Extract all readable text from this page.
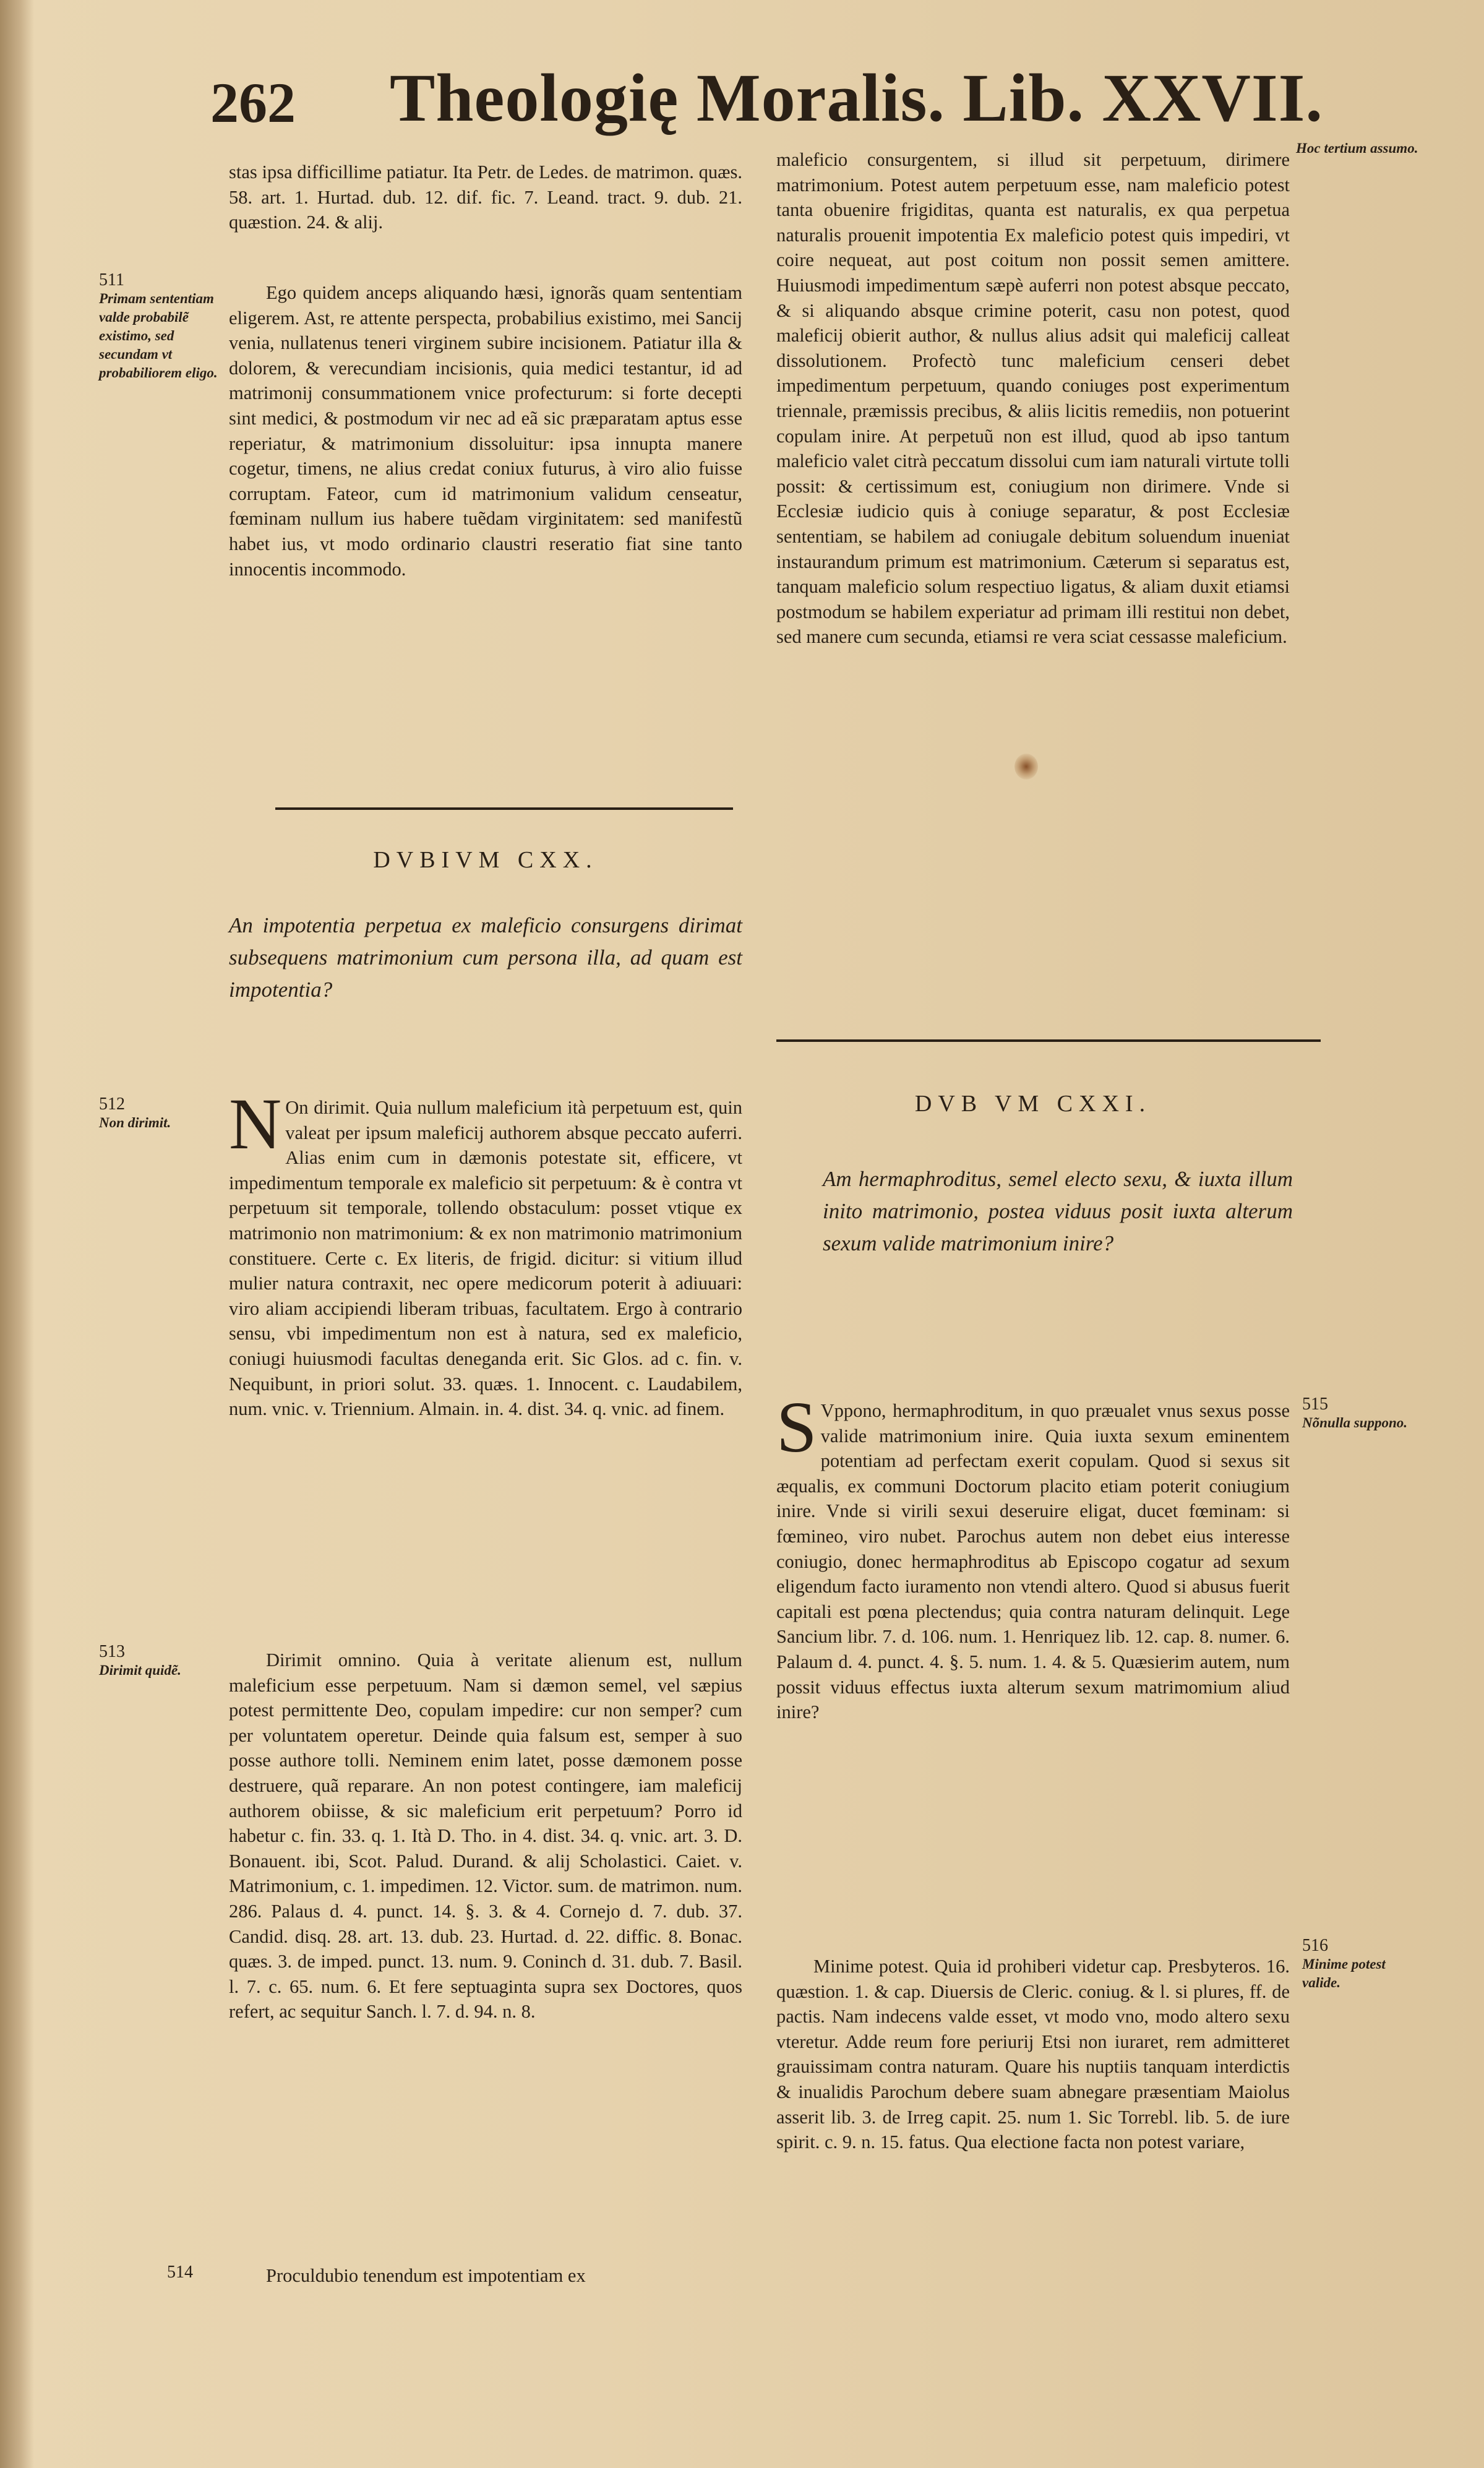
262 Theologię Moralis. Lib. XXVII.

stas ipsa difficillime patiatur. Ita Petr. de Ledes. de matrimon. quæs. 58. art. 1. Hurtad. dub. 12. dif. fic. 7. Leand. tract. 9. dub. 21. quæstion. 24. & alij.

511
Primam sententiam valde probabilẽ existimo, sed secundam vt probabiliorem eligo.

Ego quidem anceps aliquando hæsi, ignorãs quam sententiam eligerem. Ast, re attente perspecta, probabilius existimo, mei Sancij venia, nullatenus teneri virginem subire incisionem. Patiatur illa & dolorem, & verecundiam incisionis, quia medici testantur, id ad matrimonij consummationem vnice profecturum: si forte decepti sint medici, & postmodum vir nec ad eã sic præparatam aptus esse reperiatur, & matrimonium dissoluitur: ipsa innupta manere cogetur, timens, ne alius credat coniux futurus, à viro alio fuisse corruptam. Fateor, cum id matrimonium validum censeatur, fœminam nullum ius habere tuẽdam virginitatem: sed manifestũ habet ius, vt modo ordinario claustri reseratio fiat sine tanto innocentis incommodo.

DVBIVM CXX.
An impotentia perpetua ex maleficio consurgens dirimat subsequens matrimonium cum persona illa, ad quam est impotentia?
512
Non dirimit. N On dirimit. Quia nullum maleficium ità perpetuum est, quin valeat per ipsum maleficij authorem absque peccato auferri. Alias enim cum in dæmonis potestate sit, efficere, vt impedimentum temporale ex maleficio sit perpetuum: & è contra vt perpetuum sit temporale, tollendo obstaculum: posset vtique ex matrimonio non matrimonium: & ex non matrimonio matrimonium constituere. Certe c. Ex literis, de frigid. dicitur: si vitium illud mulier natura contraxit, nec opere medicorum poterit à adiuuari: viro aliam accipiendi liberam tribuas, facultatem. Ergo à contrario sensu, vbi impedimentum non est à natura, sed ex maleficio, coniugi huiusmodi facultas deneganda erit. Sic Glos. ad c. fin. v. Nequibunt, in priori solut. 33. quæs. 1. Innocent. c. Laudabilem, num. vnic. v. Triennium. Almain. in. 4. dist. 34. q. vnic. ad finem.

513
Dirimit quidẽ.	Dirimit omnino. Quia à veritate alienum est, nullum maleficium esse perpetuum. Nam si dæmon semel, vel sæpius potest permittente Deo, copulam impedire: cur non semper? cum per voluntatem operetur. Deinde quia falsum est, semper à suo posse authore tolli. Neminem enim latet, posse dæmonem posse destruere, quã reparare. An non potest contingere, iam maleficij authorem obiisse, & sic maleficium erit perpetuum? Porro id habetur c. fin. 33. q. 1. Ità D. Tho. in 4. dist. 34. q. vnic. art. 3. D. Bonauent. ibi, Scot. Palud. Durand. & alij Scholastici. Caiet. v. Matrimonium, c. 1. impedimen. 12. Victor. sum. de matrimon. num. 286. Palaus d. 4. punct. 14. §. 3. & 4. Cornejo d. 7. dub. 37. Candid. disq. 28. art. 13. dub. 23. Hurtad. d. 22. diffic. 8. Bonac. quæs. 3. de imped. punct. 13. num. 9. Coninch d. 31. dub. 7. Basil. l. 7. c. 65. num. 6. Et fere septuaginta supra sex Doctores, quos refert, ac sequitur Sanch. l. 7. d. 94. n. 8.

514	Proculdubio tenendum est impotentiam ex

Hoc tertium assumo.

maleficio consurgentem, si illud sit perpetuum, dirimere matrimonium. Potest autem perpetuum esse, nam maleficio potest tanta obuenire frigiditas, quanta est naturalis, ex qua perpetua naturalis prouenit impotentia Ex maleficio potest quis impediri, vt coire nequeat, aut post coitum non possit semen amittere. Huiusmodi impedimentum sæpè auferri non potest absque peccato, & si aliquando absque crimine poterit, casu non potest, quod maleficij obierit author, & nullus alius adsit qui maleficij calleat dissolutionem. Profectò tunc maleficium censeri debet impedimentum perpetuum, quando coniuges post experimentum triennale, præmissis precibus, & aliis licitis remediis, non potuerint copulam inire. At perpetuũ non est illud, quod ab ipso tantum maleficio valet citrà peccatum dissolui cum iam naturali virtute tolli possit: & certissimum est, coniugium non dirimere. Vnde si Ecclesiæ iudicio quis à coniuge separatur, & post Ecclesiæ sententiam, se habilem ad coniugale debitum soluendum inueniat instaurandum primum est matrimonium. Cæterum si separatus est, tanquam maleficio solum respectiuo ligatus, & aliam duxit etiamsi postmodum se habilem experiatur ad primam illi restitui non debet, sed manere cum secunda, etiamsi re vera sciat cessasse maleficium.

DVB VM CXXI.
Am hermaphroditus, semel electo sexu, & iuxta illum inito matrimonio, postea viduus posit iuxta alterum sexum valide matrimonium inire?
515
Nõnulla suppono.
S Vppono, hermaphroditum, in quo præualet vnus sexus posse valide matrimonium inire. Quia iuxta sexum eminentem potentiam ad perfectam exerit copulam. Quod si sexus sit æqualis, ex communi Doctorum placito etiam poterit coniugium inire. Vnde si virili sexui deseruire eligat, ducet fœminam: si fœmineo, viro nubet. Parochus autem non debet eius interesse coniugio, donec hermaphroditus ab Episcopo cogatur ad sexum eligendum facto iuramento non vtendi altero. Quod si abusus fuerit capitali est pœna plectendus; quia contra naturam delinquit. Lege Sancium libr. 7. d. 106. num. 1. Henriquez lib. 12. cap. 8. numer. 6. Palaum d. 4. punct. 4. §. 5. num. 1. 4. & 5. Quæsierim autem, num possit viduus effectus iuxta alterum sexum matrimomium aliud inire?

516
Minime potest valide.

Minime potest. Quia id prohiberi videtur cap. Presbyteros. 16. quæstion. 1. & cap. Diuersis de Cleric. coniug. & l. si plures, ff. de pactis. Nam indecens valde esset, vt modo vno, modo altero sexu vteretur. Adde reum fore periurij Etsi non iuraret, rem admitteret grauissimam contra naturam. Quare his nuptiis tanquam interdictis & inualidis Parochum debere suam abnegare præsentiam Maiolus asserit lib. 3. de Irreg capit. 25. num 1. Sic Torrebl. lib. 5. de iure spirit. c. 9. n. 15. fatus. Qua electione facta non potest variare,
